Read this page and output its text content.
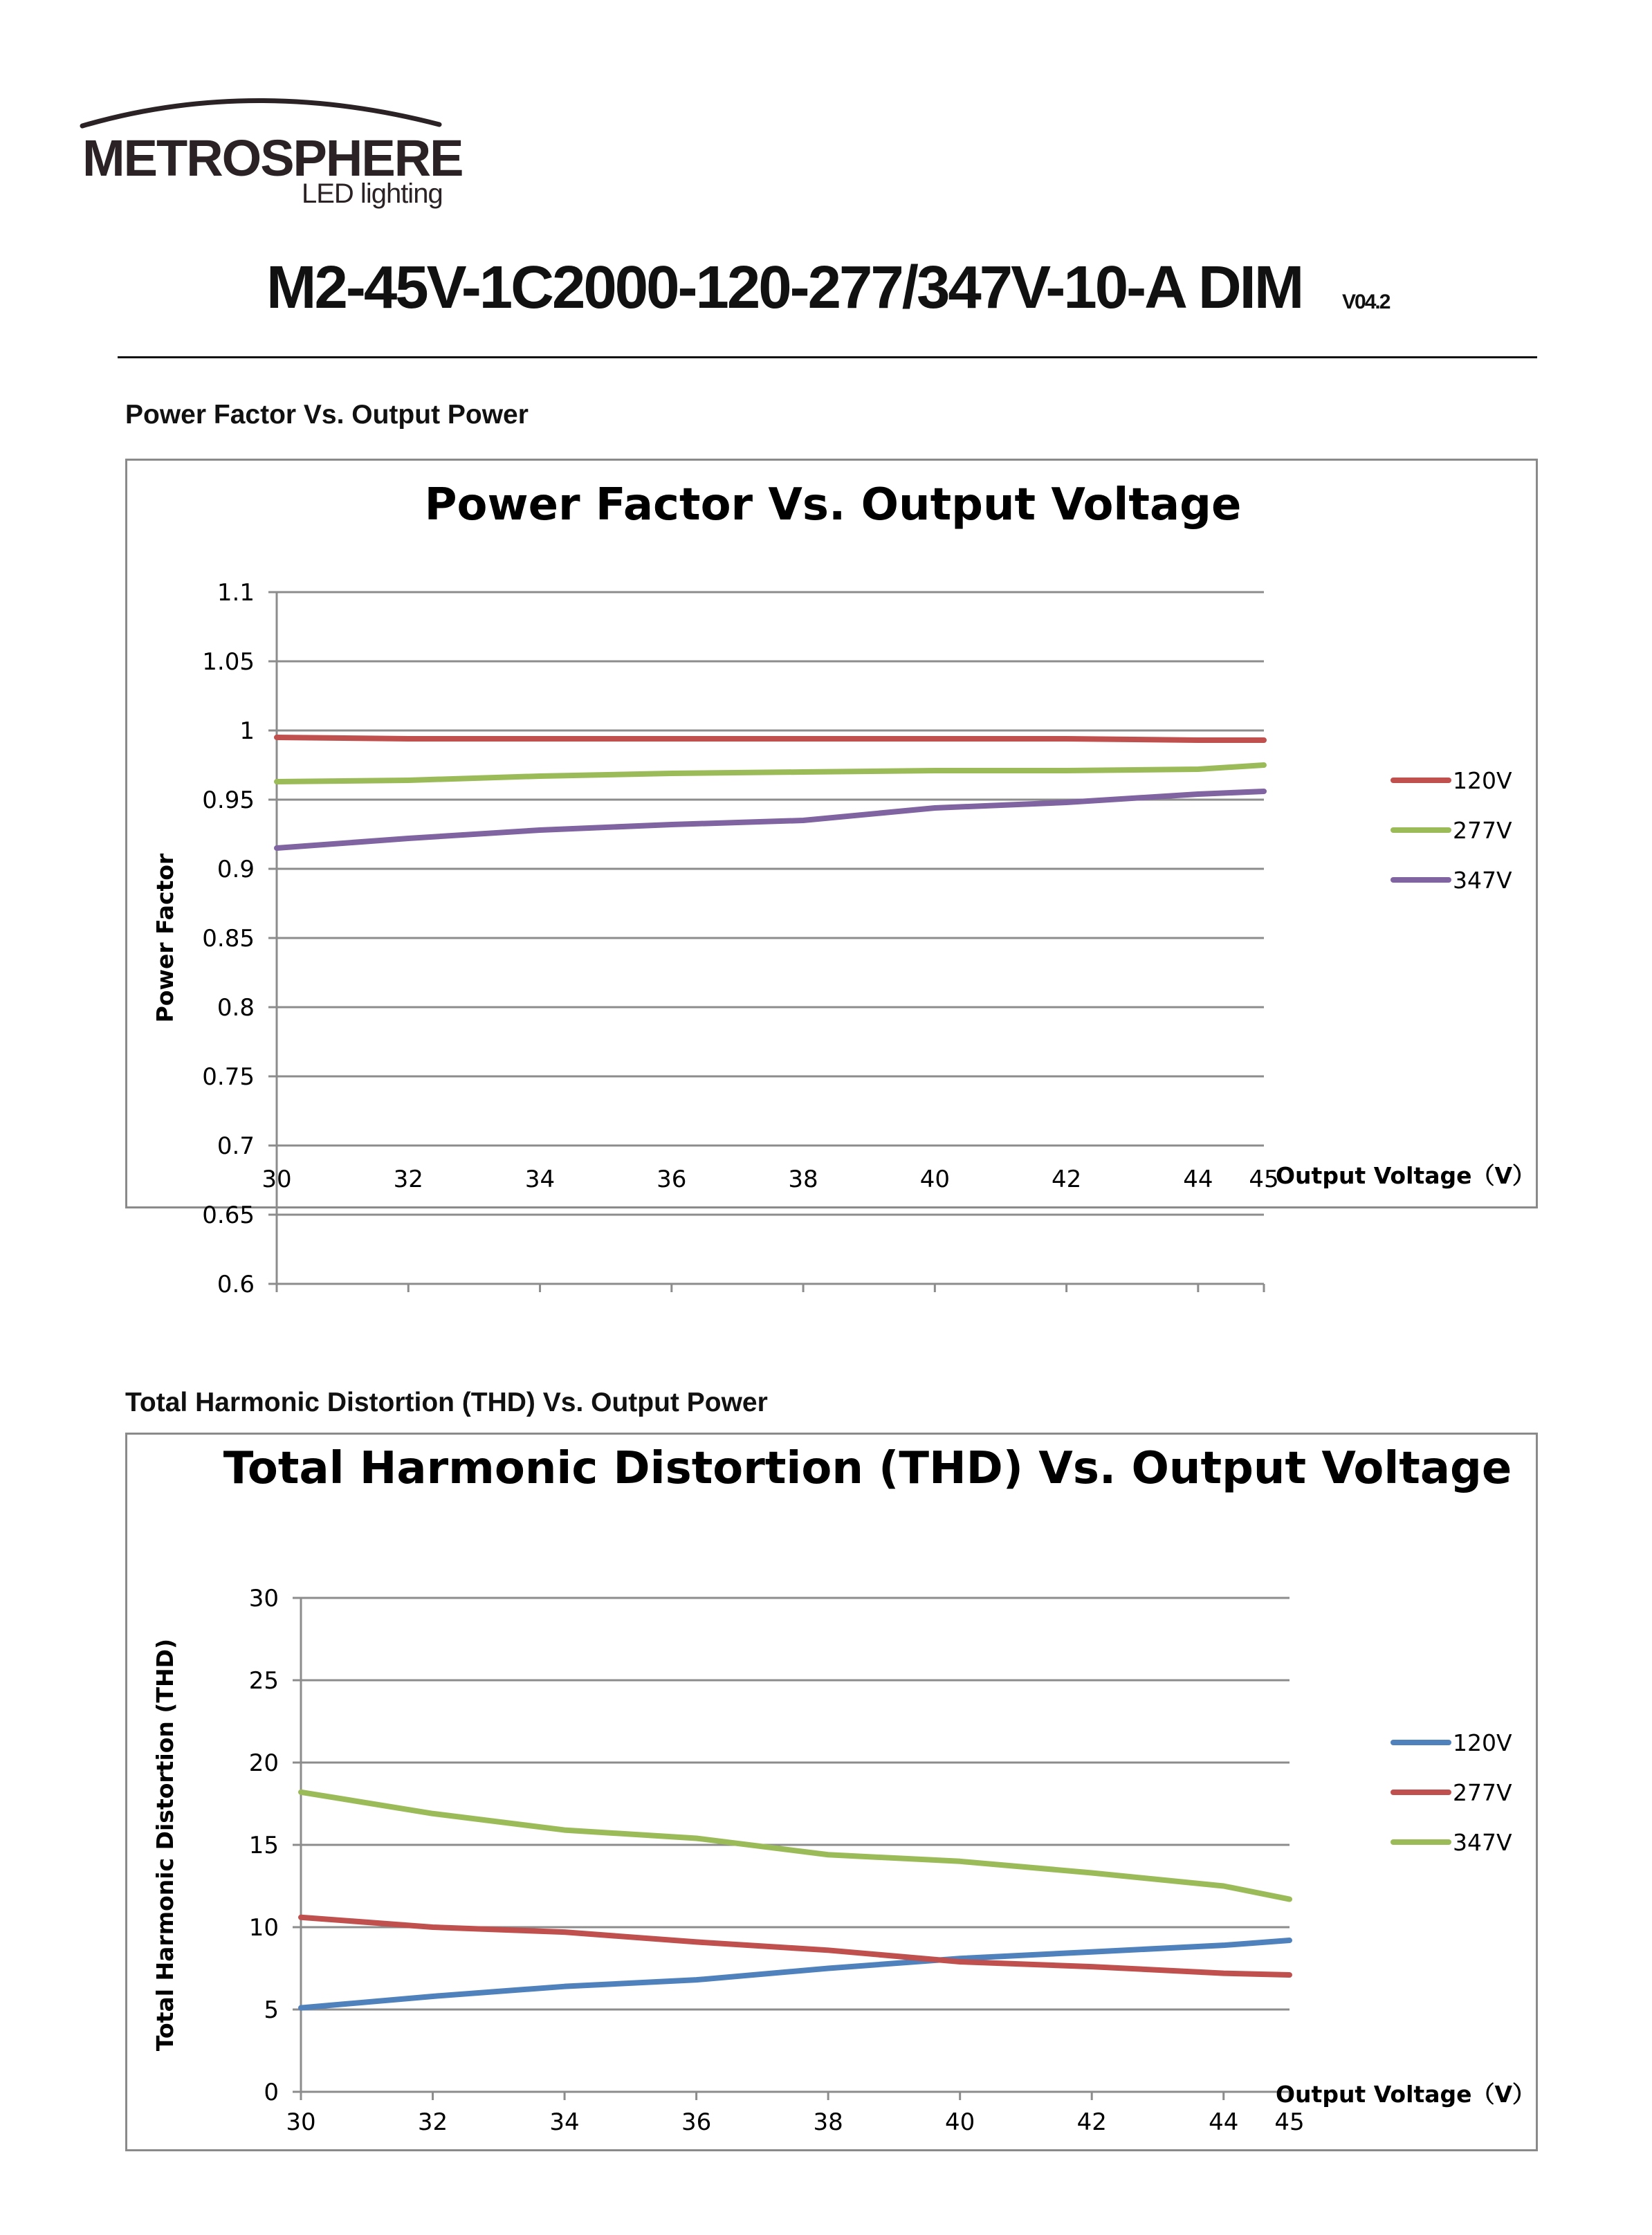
METROSPHERE
LED lighting
M2-45V-1C2000-120-277/347V-10-A DIM V04.2
Power Factor Vs. Output Power
Power Factor Vs. Output Voltage
0.6
0.65
0.7
0.75
0.8
0.85
0.9
0.95
1
1.05
1.1
30	32	34	36	38	40	42	44 45
Power Factor
Output Voltage（V）
120V
277V
347V
Total Harmonic Distortion (THD) Vs. Output Power
Total Harmonic Distortion (THD) Vs. Output Voltage
0
5
10
15
20
25
30
30	32	34	36	38	40	42	44 45
Total Harmonic Distortion (THD)
Output Voltage（V）
120V
277V
347V
